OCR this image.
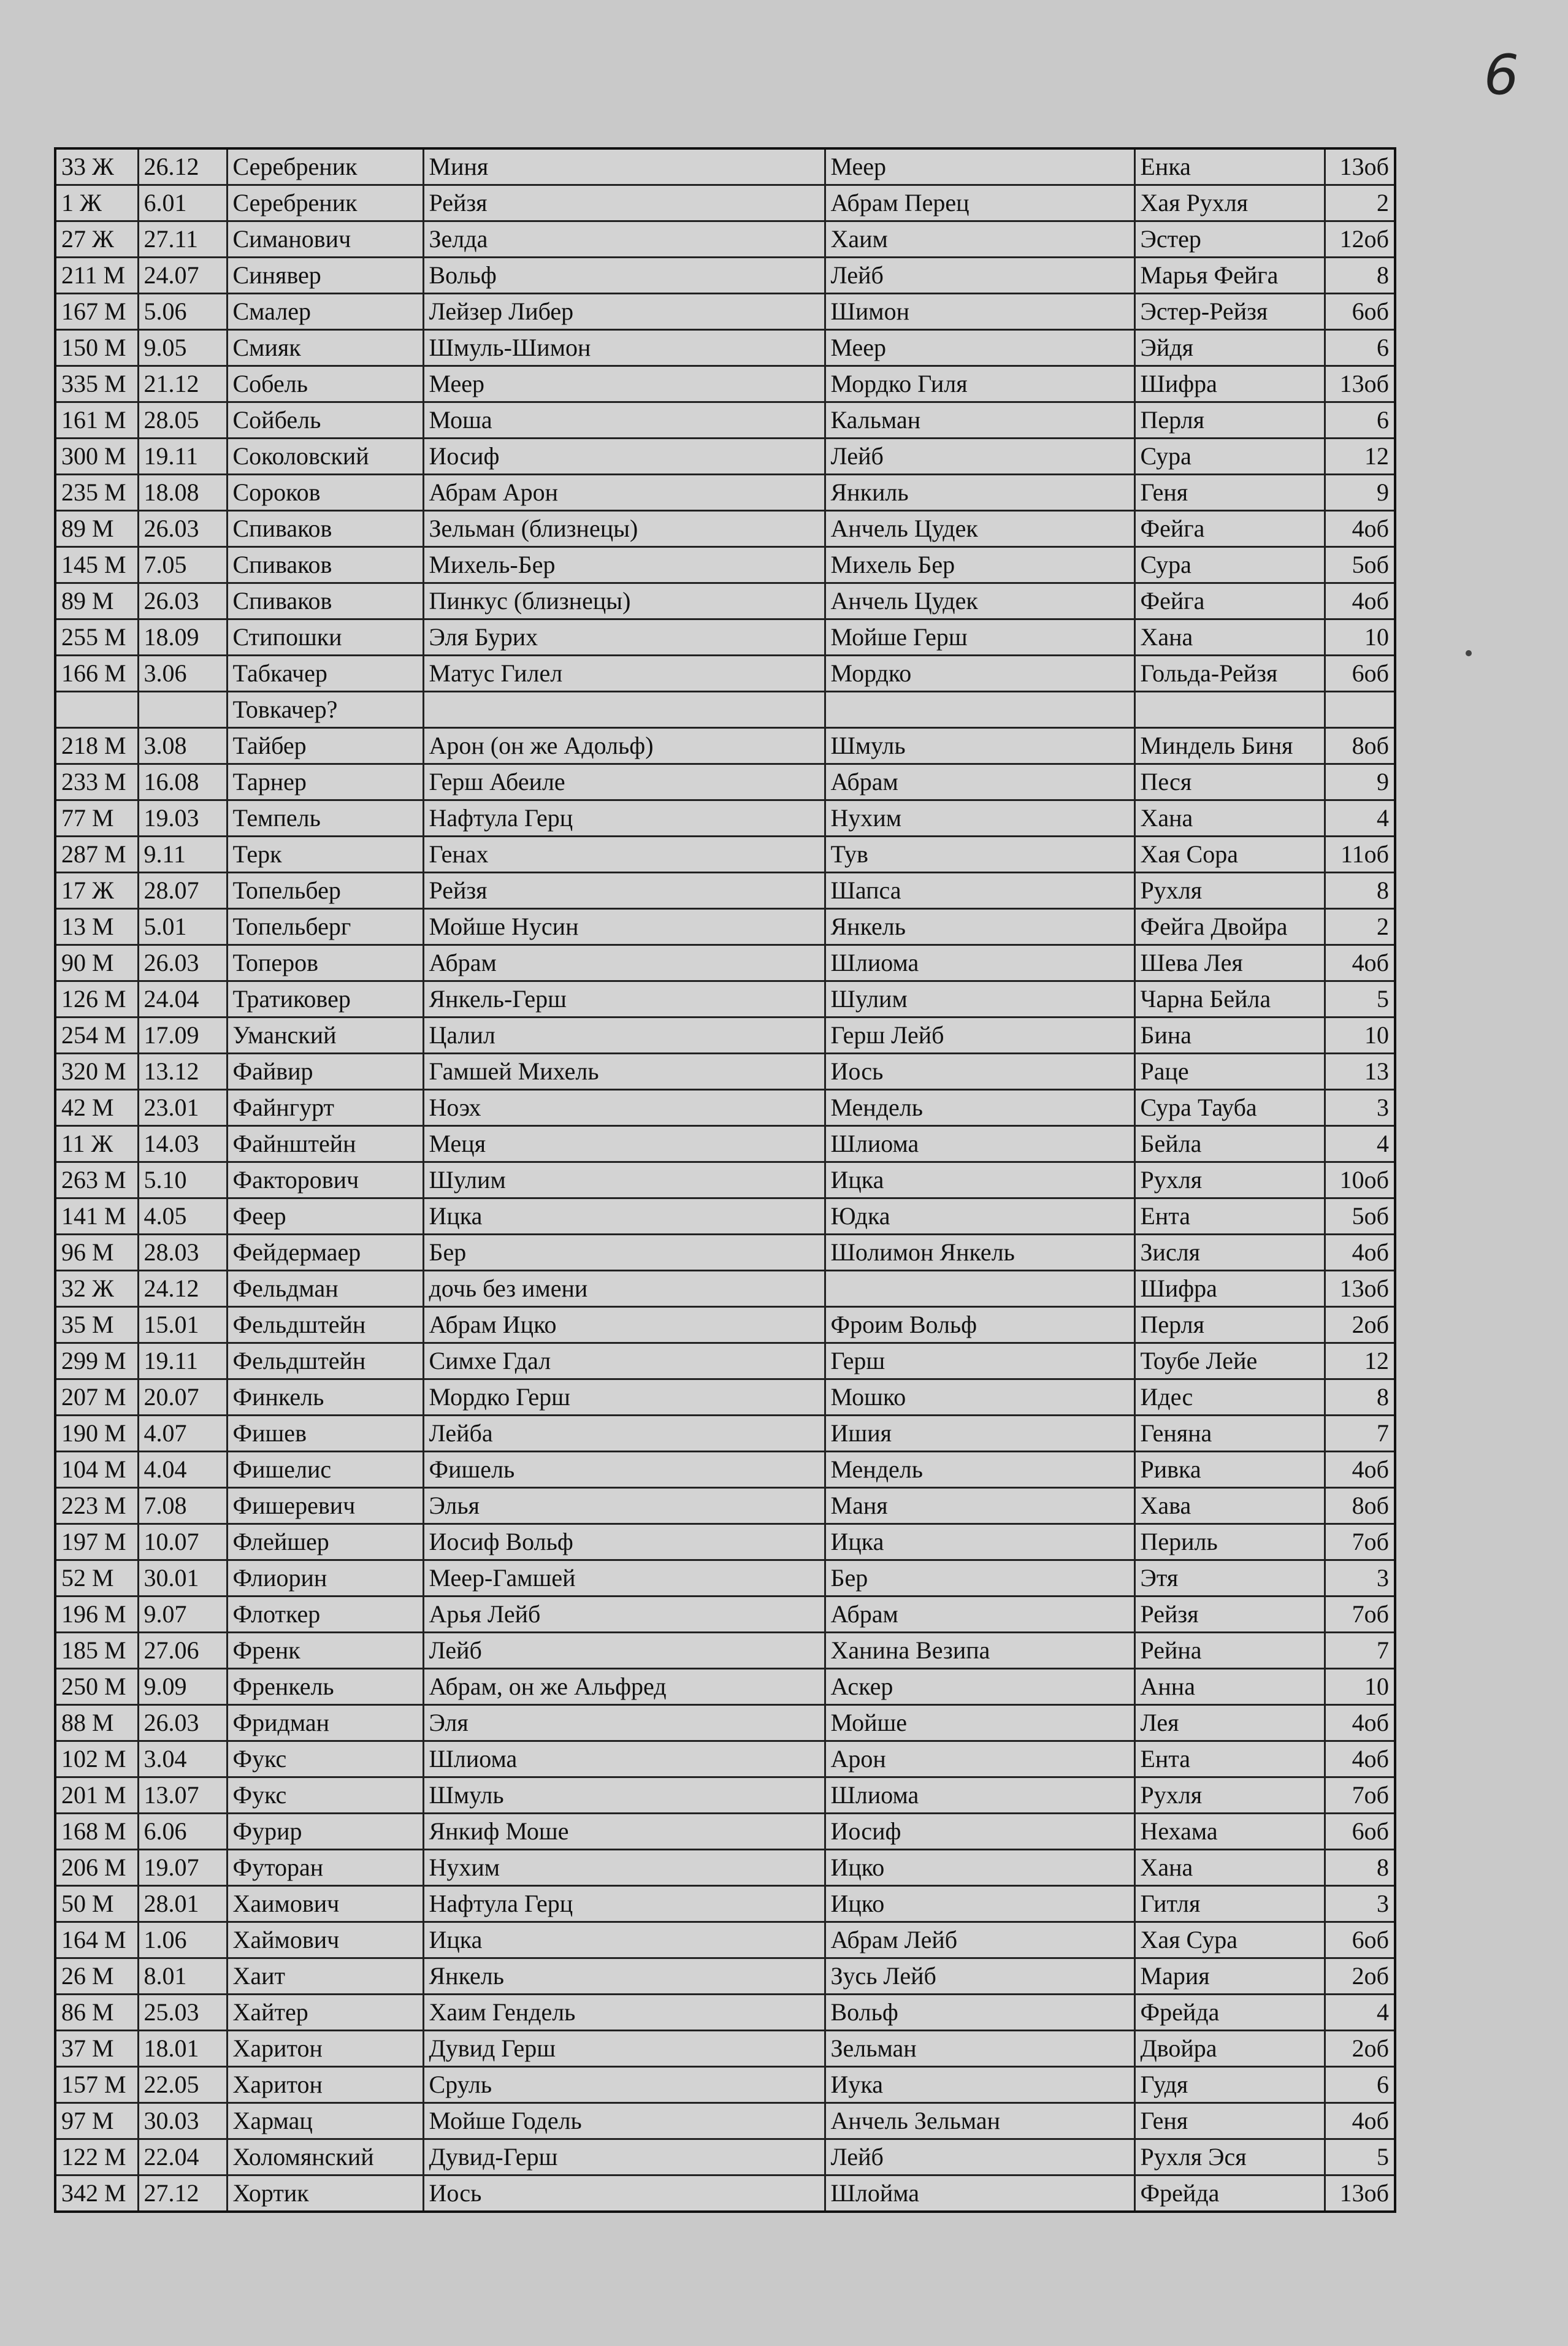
6
33 Ж	26.12	Серебреник	Миня	Меер	Енка	13об
1 Ж	6.01	Серебреник	Рейзя	Абрам Перец	Хая Рухля	2
27 Ж	27.11	Симанович	Зелда	Хаим	Эстер	12об
211 М	24.07	Синявер	Вольф	Лейб	Марья Фейга	8
167 М	5.06	Смалер	Лейзер Либер	Шимон	Эстер-Рейзя	6об
150 М	9.05	Смияк	Шмуль-Шимон	Меер	Эйдя	6
335 М	21.12	Собель	Меер	Мордко Гиля	Шифра	13об
161 М	28.05	Сойбель	Моша	Кальман	Перля	6
300 М	19.11	Соколовский	Иосиф	Лейб	Сура	12
235 М	18.08	Сороков	Абрам Арон	Янкиль	Геня	9
89 М	26.03	Спиваков	Зельман (близнецы)	Анчель Цудек	Фейга	4об
145 М	7.05	Спиваков	Михель-Бер	Михель Бер	Сура	5об
89 М	26.03	Спиваков	Пинкус (близнецы)	Анчель Цудек	Фейга	4об
255 М	18.09	Стипошки	Эля Бурих	Мойше Герш	Хана	10
166 М	3.06	Табкачер	Матус Гилел	Мордко	Гольда-Рейзя	6об
		Товкачер?				
218 М	3.08	Тайбер	Арон (он же Адольф)	Шмуль	Миндель Биня	8об
233 М	16.08	Тарнер	Герш Абеиле	Абрам	Песя	9
77 М	19.03	Темпель	Нафтула Герц	Нухим	Хана	4
287 М	9.11	Терк	Генах	Тув	Хая Сора	11об
17 Ж	28.07	Топельбер	Рейзя	Шапса	Рухля	8
13 М	5.01	Топельберг	Мойше Нусин	Янкель	Фейга Двойра	2
90 М	26.03	Топеров	Абрам	Шлиома	Шева Лея	4об
126 М	24.04	Тратиковер	Янкель-Герш	Шулим	Чарна Бейла	5
254 М	17.09	Уманский	Цалил	Герш Лейб	Бина	10
320 М	13.12	Файвир	Гамшей Михель	Иось	Раце	13
42 М	23.01	Файнгурт	Ноэх	Мендель	Сура Тауба	3
11 Ж	14.03	Файнштейн	Меця	Шлиома	Бейла	4
263 М	5.10	Факторович	Шулим	Ицка	Рухля	10об
141 М	4.05	Феер	Ицка	Юдка	Ента	5об
96 М	28.03	Фейдермаер	Бер	Шолимон Янкель	Зисля	4об
32 Ж	24.12	Фельдман	дочь без имени		Шифра	13об
35 М	15.01	Фельдштейн	Абрам Ицко	Фроим Вольф	Перля	2об
299 М	19.11	Фельдштейн	Симхе Гдал	Герш	Тоубе Лейе	12
207 М	20.07	Финкель	Мордко Герш	Мошко	Идес	8
190 М	4.07	Фишев	Лейба	Ишия	Геняна	7
104 М	4.04	Фишелис	Фишель	Мендель	Ривка	4об
223 М	7.08	Фишеревич	Элья	Маня	Хава	8об
197 М	10.07	Флейшер	Иосиф Вольф	Ицка	Периль	7об
52 М	30.01	Флиорин	Меер-Гамшей	Бер	Этя	3
196 М	9.07	Флоткер	Арья Лейб	Абрам	Рейзя	7об
185 М	27.06	Френк	Лейб	Ханина Везипа	Рейна	7
250 М	9.09	Френкель	Абрам, он же Альфред	Аскер	Анна	10
88 М	26.03	Фридман	Эля	Мойше	Лея	4об
102 М	3.04	Фукс	Шлиома	Арон	Ента	4об
201 М	13.07	Фукс	Шмуль	Шлиома	Рухля	7об
168 М	6.06	Фурир	Янкиф Моше	Иосиф	Нехама	6об
206 М	19.07	Футоран	Нухим	Ицко	Хана	8
50 М	28.01	Хаимович	Нафтула Герц	Ицко	Гитля	3
164 М	1.06	Хаймович	Ицка	Абрам Лейб	Хая Сура	6об
26 М	8.01	Хаит	Янкель	Зусь Лейб	Мария	2об
86 М	25.03	Хайтер	Хаим Гендель	Вольф	Фрейда	4
37 М	18.01	Харитон	Дувид Герш	Зельман	Двойра	2об
157 М	22.05	Харитон	Сруль	Иука	Гудя	6
97 М	30.03	Хармац	Мойше Годель	Анчель Зельман	Геня	4об
122 М	22.04	Холомянский	Дувид-Герш	Лейб	Рухля Эся	5
342 М	27.12	Хортик	Иось	Шлойма	Фрейда	13об
